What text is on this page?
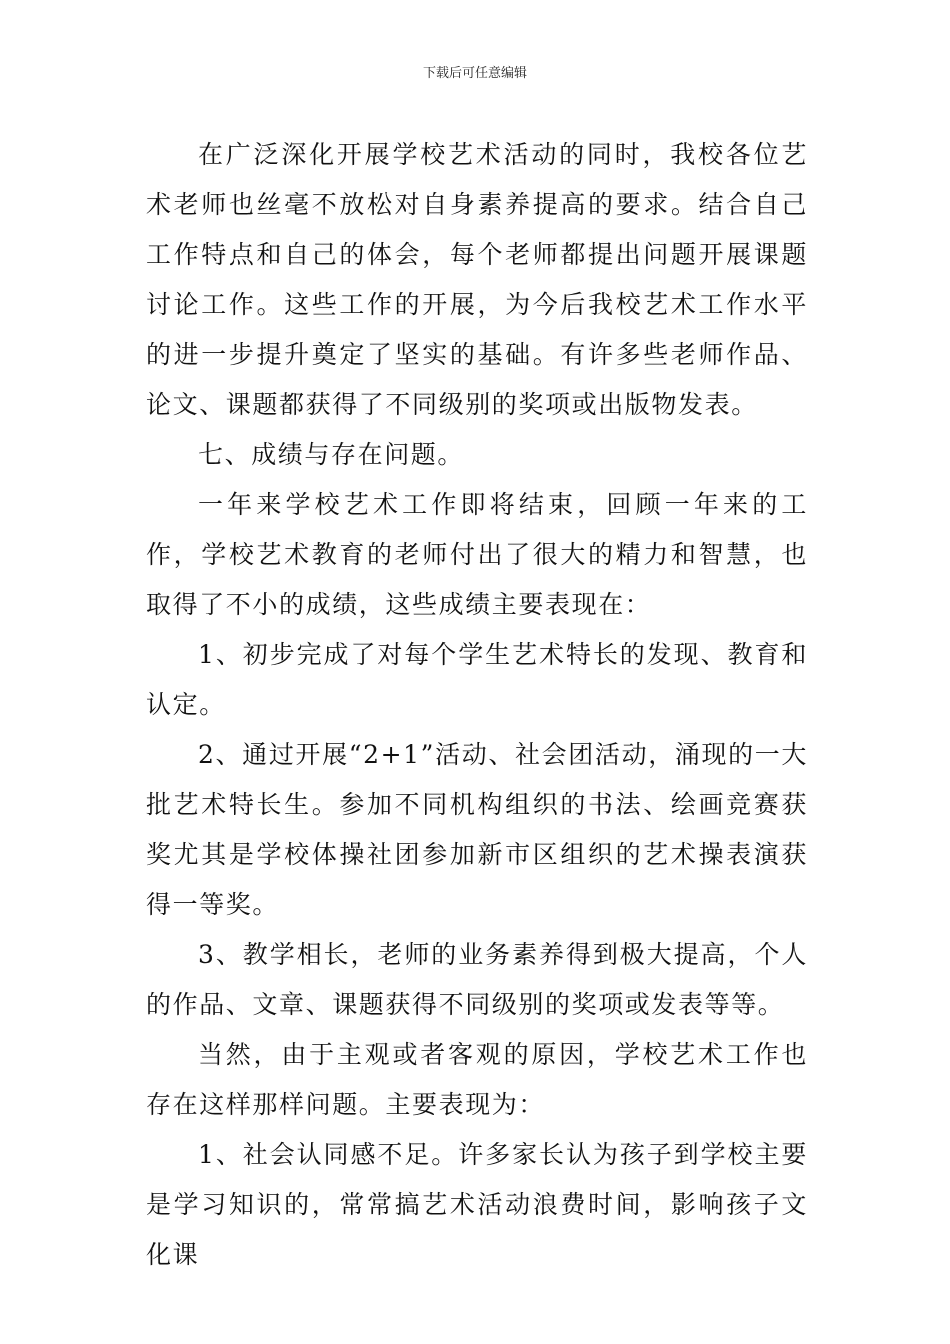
下载后可任意编辑

在广泛深化开展学校艺术活动的同时，我校各位艺术老师也丝毫不放松对自身素养提高的要求。结合自己工作特点和自己的体会，每个老师都提出问题开展课题讨论工作。这些工作的开展，为今后我校艺术工作水平的进一步提升奠定了坚实的基础。有许多些老师作品、论文、课题都获得了不同级别的奖项或出版物发表。

七、成绩与存在问题。

一年来学校艺术工作即将结束，回顾一年来的工作，学校艺术教育的老师付出了很大的精力和智慧，也取得了不小的成绩，这些成绩主要表现在：

1、初步完成了对每个学生艺术特长的发现、教育和认定。

2、通过开展“2+1”活动、社会团活动，涌现的一大批艺术特长生。参加不同机构组织的书法、绘画竞赛获奖尤其是学校体操社团参加新市区组织的艺术操表演获得一等奖。

3、教学相长，老师的业务素养得到极大提高，个人的作品、文章、课题获得不同级别的奖项或发表等等。

当然，由于主观或者客观的原因，学校艺术工作也存在这样那样问题。主要表现为：

1、社会认同感不足。许多家长认为孩子到学校主要是学习知识的，常常搞艺术活动浪费时间，影响孩子文化课
